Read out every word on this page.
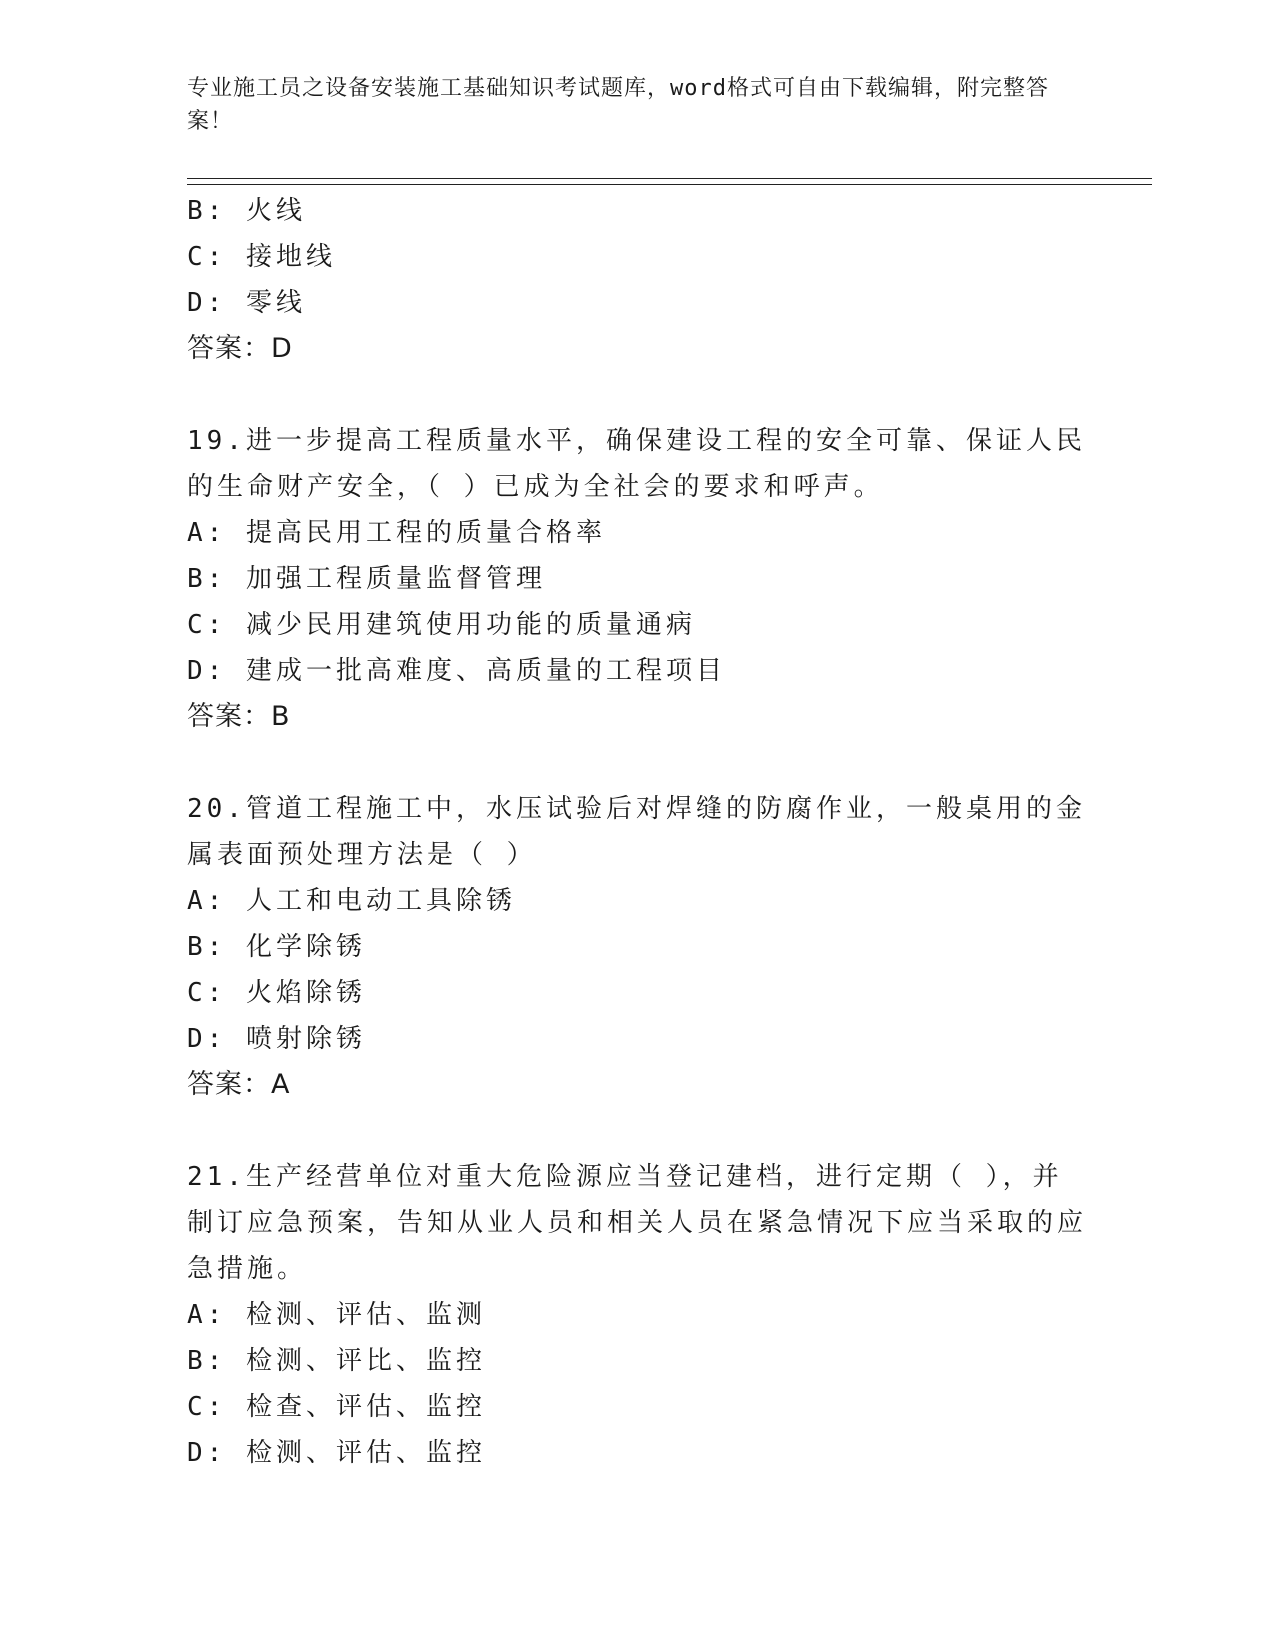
专业施工员之设备安装施工基础知识考试题库，word格式可自由下载编辑，附完整答案！
B: 火线
C: 接地线
D: 零线
答案：D
19.进一步提高工程质量水平，确保建设工程的安全可靠、保证人民的生命财产安全，（ ）已成为全社会的要求和呼声。
A: 提高民用工程的质量合格率
B: 加强工程质量监督管理
C: 减少民用建筑使用功能的质量通病
D: 建成一批高难度、高质量的工程项目
答案：B
20.管道工程施工中，水压试验后对焊缝的防腐作业，一般桌用的金属表面预处理方法是（ ）
A: 人工和电动工具除锈
B: 化学除锈
C: 火焰除锈
D: 喷射除锈
答案：A
21.生产经营单位对重大危险源应当登记建档，进行定期（ ），并制订应急预案，告知从业人员和相关人员在紧急情况下应当采取的应急措施。
A: 检测、评估、监测
B: 检测、评比、监控
C: 检查、评估、监控
D: 检测、评估、监控
